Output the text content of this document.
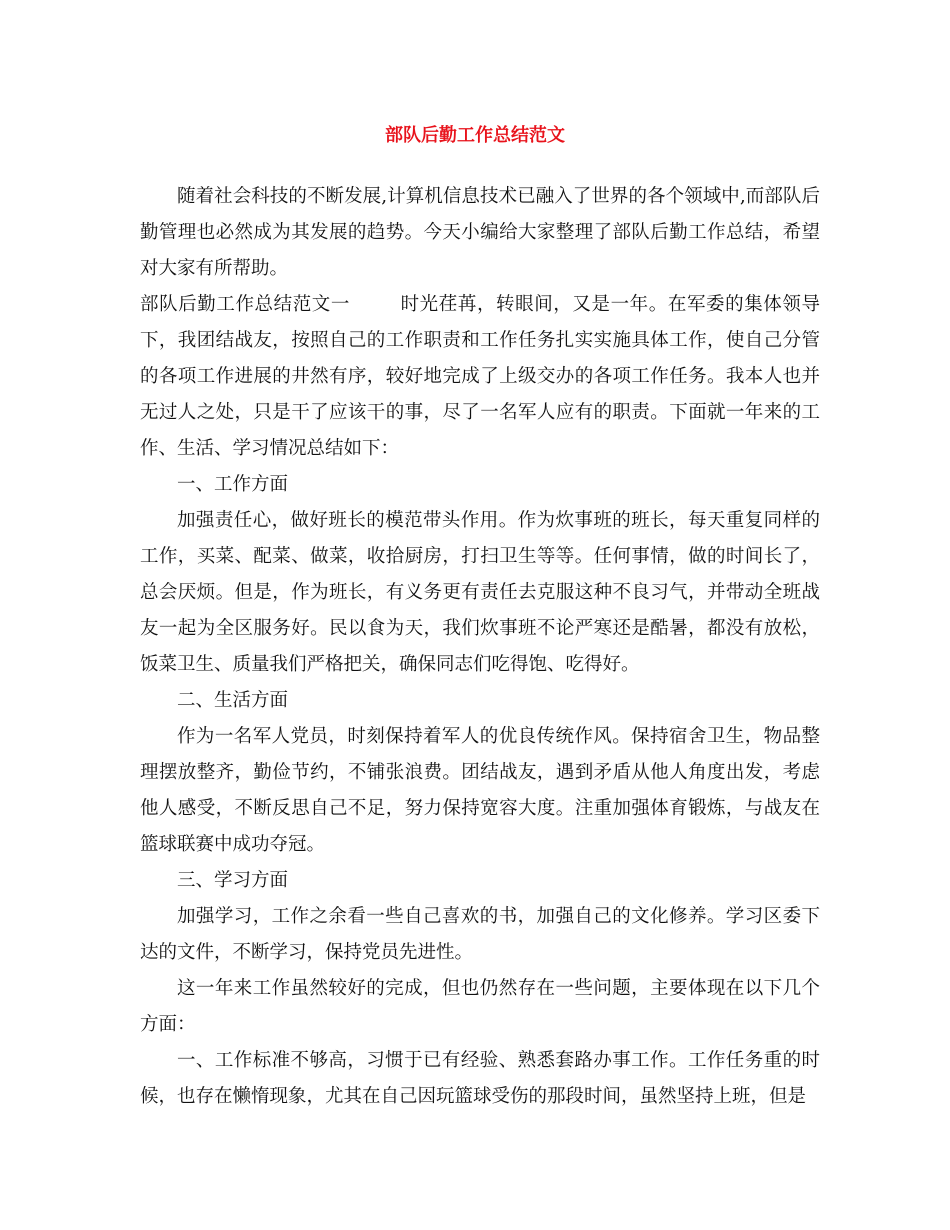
部队后勤工作总结范文

随着社会科技的不断发展,计算机信息技术已融入了世界的各个领域中,而部队后勤管理也必然成为其发展的趋势。今天小编给大家整理了部队后勤工作总结，希望对大家有所帮助。

部队后勤工作总结范文一	时光荏苒，转眼间，又是一年。在军委的集体领导下，我团结战友，按照自己的工作职责和工作任务扎实实施具体工作，使自己分管的各项工作进展的井然有序，较好地完成了上级交办的各项工作任务。我本人也并无过人之处，只是干了应该干的事，尽了一名军人应有的职责。下面就一年来的工作、生活、学习情况总结如下：

一、工作方面

加强责任心，做好班长的模范带头作用。作为炊事班的班长，每天重复同样的工作，买菜、配菜、做菜，收拾厨房，打扫卫生等等。任何事情，做的时间长了，总会厌烦。但是，作为班长，有义务更有责任去克服这种不良习气，并带动全班战友一起为全区服务好。民以食为天，我们炊事班不论严寒还是酷暑，都没有放松，饭菜卫生、质量我们严格把关，确保同志们吃得饱、吃得好。

二、生活方面

作为一名军人党员，时刻保持着军人的优良传统作风。保持宿舍卫生，物品整理摆放整齐，勤俭节约，不铺张浪费。团结战友，遇到矛盾从他人角度出发，考虑他人感受，不断反思自己不足，努力保持宽容大度。注重加强体育锻炼，与战友在篮球联赛中成功夺冠。

三、学习方面

加强学习，工作之余看一些自己喜欢的书，加强自己的文化修养。学习区委下达的文件，不断学习，保持党员先进性。

这一年来工作虽然较好的完成，但也仍然存在一些问题，主要体现在以下几个方面：

一、工作标准不够高，习惯于已有经验、熟悉套路办事工作。工作任务重的时候，也存在懒惰现象，尤其在自己因玩篮球受伤的那段时间，虽然坚持上班，但是
